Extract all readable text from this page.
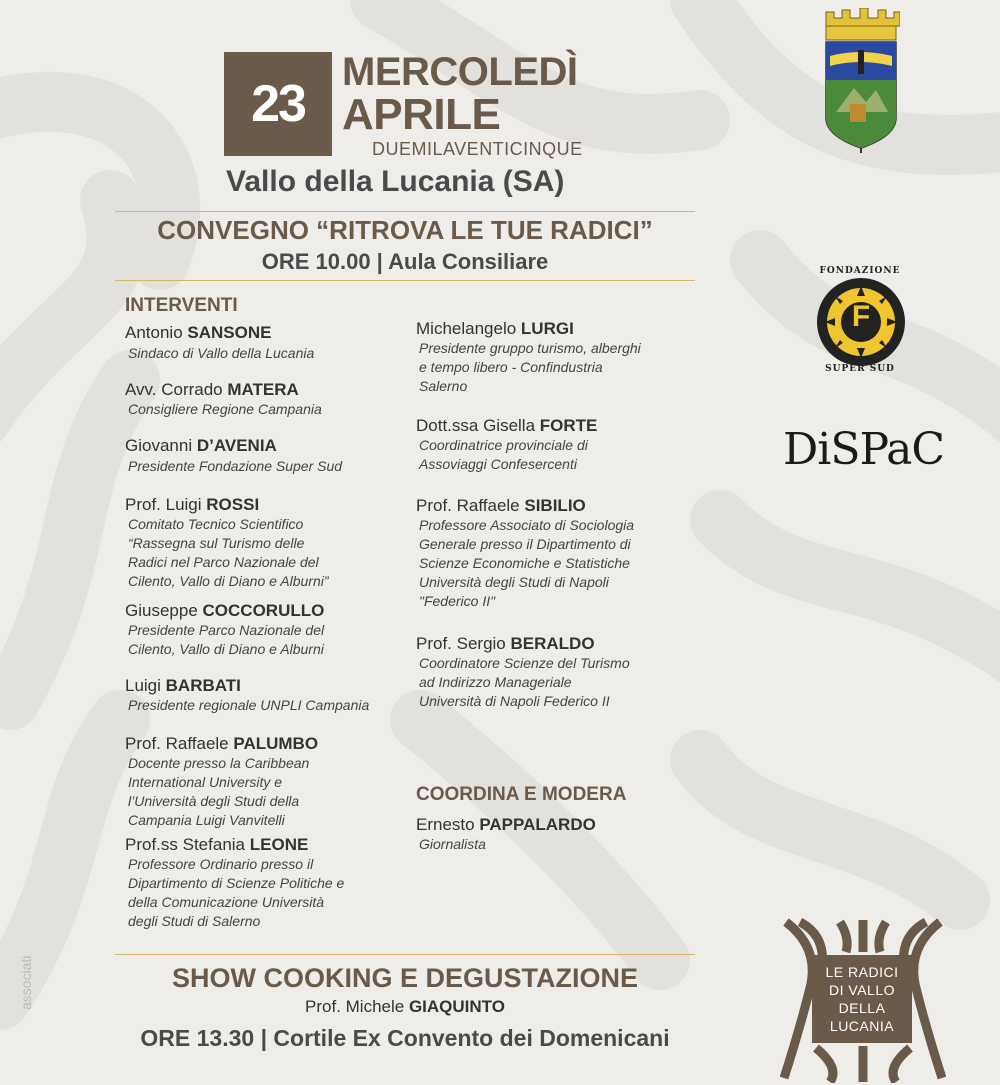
23
MERCOLEDÌ
APRILE
DUEMILAVENTICINQUE
Vallo della Lucania (SA)
FONDAZIONE
F
SUPER SUD
DiSPaC
CONVEGNO “RITROVA LE TUE RADICI”
ORE 10.00 | Aula Consiliare
INTERVENTI
Antonio SANSONE
Sindaco di Vallo della Lucania
Avv. Corrado MATERA
Consigliere Regione Campania
Giovanni D’AVENIA
Presidente Fondazione Super Sud
Prof. Luigi ROSSI
Comitato Tecnico Scientifico
“Rassegna sul Turismo delle
Radici nel Parco Nazionale del
Cilento, Vallo di Diano e Alburni”
Giuseppe COCCORULLO
Presidente Parco Nazionale del
Cilento, Vallo di Diano e Alburni
Luigi BARBATI
Presidente regionale UNPLI Campania
Prof. Raffaele PALUMBO
Docente presso la Caribbean
International University e
l’Università degli Studi della
Campania Luigi Vanvitelli
Prof.ss Stefania LEONE
Professore Ordinario presso il
Dipartimento di Scienze Politiche e
della Comunicazione Università
degli Studi di Salerno
Michelangelo LURGI
Presidente gruppo turismo, alberghi
e tempo libero - Confindustria
Salerno
Dott.ssa Gisella FORTE
Coordinatrice provinciale di
Assoviaggi Confesercenti
Prof. Raffaele SIBILIO
Professore Associato di Sociologia
Generale presso il Dipartimento di
Scienze Economiche e Statistiche
Università degli Studi di Napoli
"Federico II"
Prof. Sergio BERALDO
Coordinatore Scienze del Turismo
ad Indirizzo Manageriale
Università di Napoli Federico II
COORDINA E MODERA
Ernesto PAPPALARDO
Giornalista
SHOW COOKING E DEGUSTAZIONE
Prof. Michele GIAQUINTO
ORE 13.30 | Cortile Ex Convento dei Domenicani
associati	LE RADICI
DI VALLO
DELLA
LUCANIA
